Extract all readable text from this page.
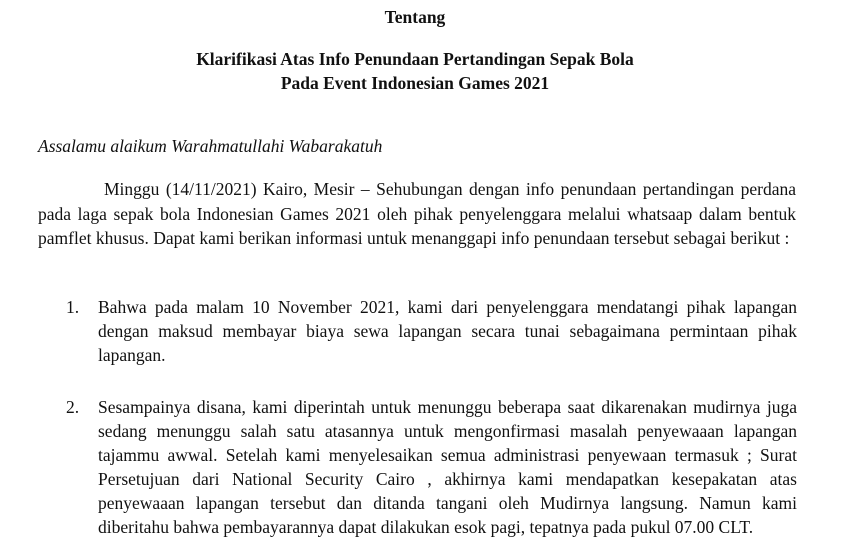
Tentang
Klarifikasi Atas Info Penundaan Pertandingan Sepak Bola
Pada Event Indonesian Games 2021
Assalamu alaikum Warahmatullahi Wabarakatuh

Minggu (14/11/2021) Kairo, Mesir – Sehubungan dengan info penundaan pertandingan perdana pada laga sepak bola Indonesian Games 2021 oleh pihak penyelenggara melalui whatsaap dalam bentuk pamflet khusus. Dapat kami berikan informasi untuk menanggapi info penundaan tersebut sebagai berikut :

1. Bahwa pada malam 10 November 2021, kami dari penyelenggara mendatangi pihak lapangan dengan maksud membayar biaya sewa lapangan secara tunai sebagaimana permintaan pihak lapangan.

2. Sesampainya disana, kami diperintah untuk menunggu beberapa saat dikarenakan mudirnya juga sedang menunggu salah satu atasannya untuk mengonfirmasi masalah penyewaaan lapangan tajammu awwal. Setelah kami menyelesaikan semua administrasi penyewaan termasuk ; Surat Persetujuan dari National Security Cairo , akhirnya kami mendapatkan kesepakatan atas penyewaaan lapangan tersebut dan ditanda tangani oleh Mudirnya langsung. Namun kami diberitahu bahwa pembayarannya dapat dilakukan esok pagi, tepatnya pada pukul 07.00 CLT.
